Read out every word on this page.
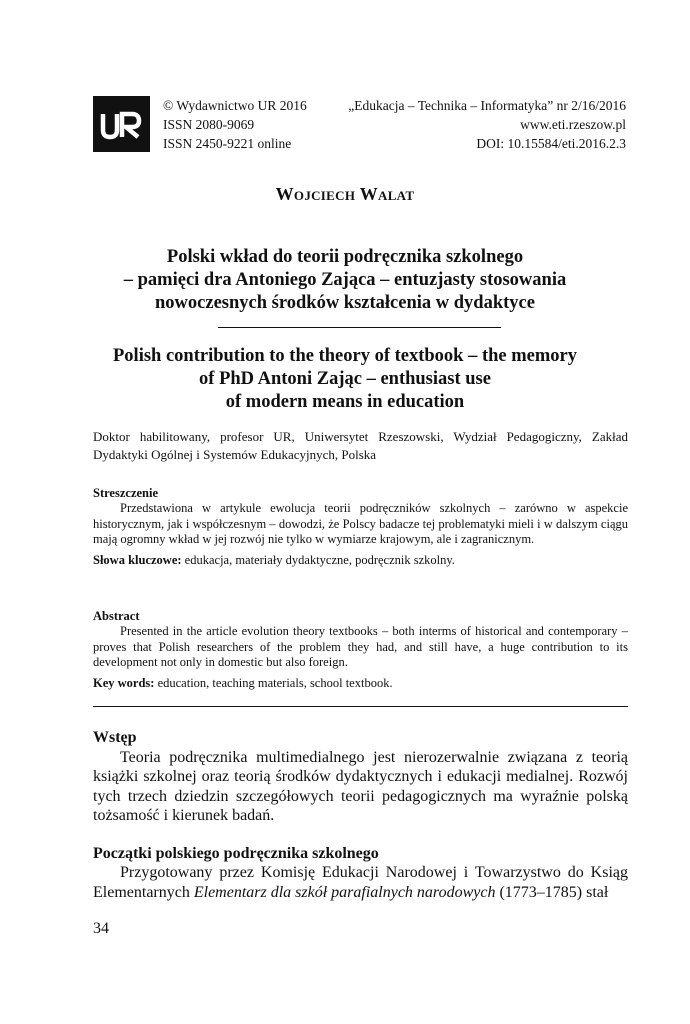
© Wydawnictwo UR 2016
ISSN 2080-9069
ISSN 2450-9221 online
„Edukacja – Technika – Informatyka” nr 2/16/2016
www.eti.rzeszow.pl
DOI: 10.15584/eti.2016.2.3
Wojciech Walat
Polski wkład do teorii podręcznika szkolnego
– pamięci dra Antoniego Zająca – entuzjasty stosowania
nowoczesnych środków kształcenia w dydaktyce
Polish contribution to the theory of textbook – the memory
of PhD Antoni Zając – enthusiast use
of modern means in education
Doktor habilitowany, profesor UR, Uniwersytet Rzeszowski, Wydział Pedagogiczny, Zakład Dydaktyki Ogólnej i Systemów Edukacyjnych, Polska
Streszczenie
Przedstawiona w artykule ewolucja teorii podręczników szkolnych – zarówno w aspekcie historycznym, jak i współczesnym – dowodzi, że Polscy badacze tej problematyki mieli i w dalszym ciągu mają ogromny wkład w jej rozwój nie tylko w wymiarze krajowym, ale i zagranicznym.
Słowa kluczowe: edukacja, materiały dydaktyczne, podręcznik szkolny.
Abstract
Presented in the article evolution theory textbooks – both interms of historical and contemporary – proves that Polish researchers of the problem they had, and still have, a huge contribution to its development not only in domestic but also foreign.
Key words: education, teaching materials, school textbook.
Wstęp

Teoria podręcznika multimedialnego jest nierozerwalnie związana z teorią książki szkolnej oraz teorią środków dydaktycznych i edukacji medialnej. Rozwój tych trzech dziedzin szczegółowych teorii pedagogicznych ma wyraźnie polską tożsamość i kierunek badań.

Początki polskiego podręcznika szkolnego

Przygotowany przez Komisję Edukacji Narodowej i Towarzystwo do Ksiąg Elementarnych Elementarz dla szkół parafialnych narodowych (1773–1785) stał

34
